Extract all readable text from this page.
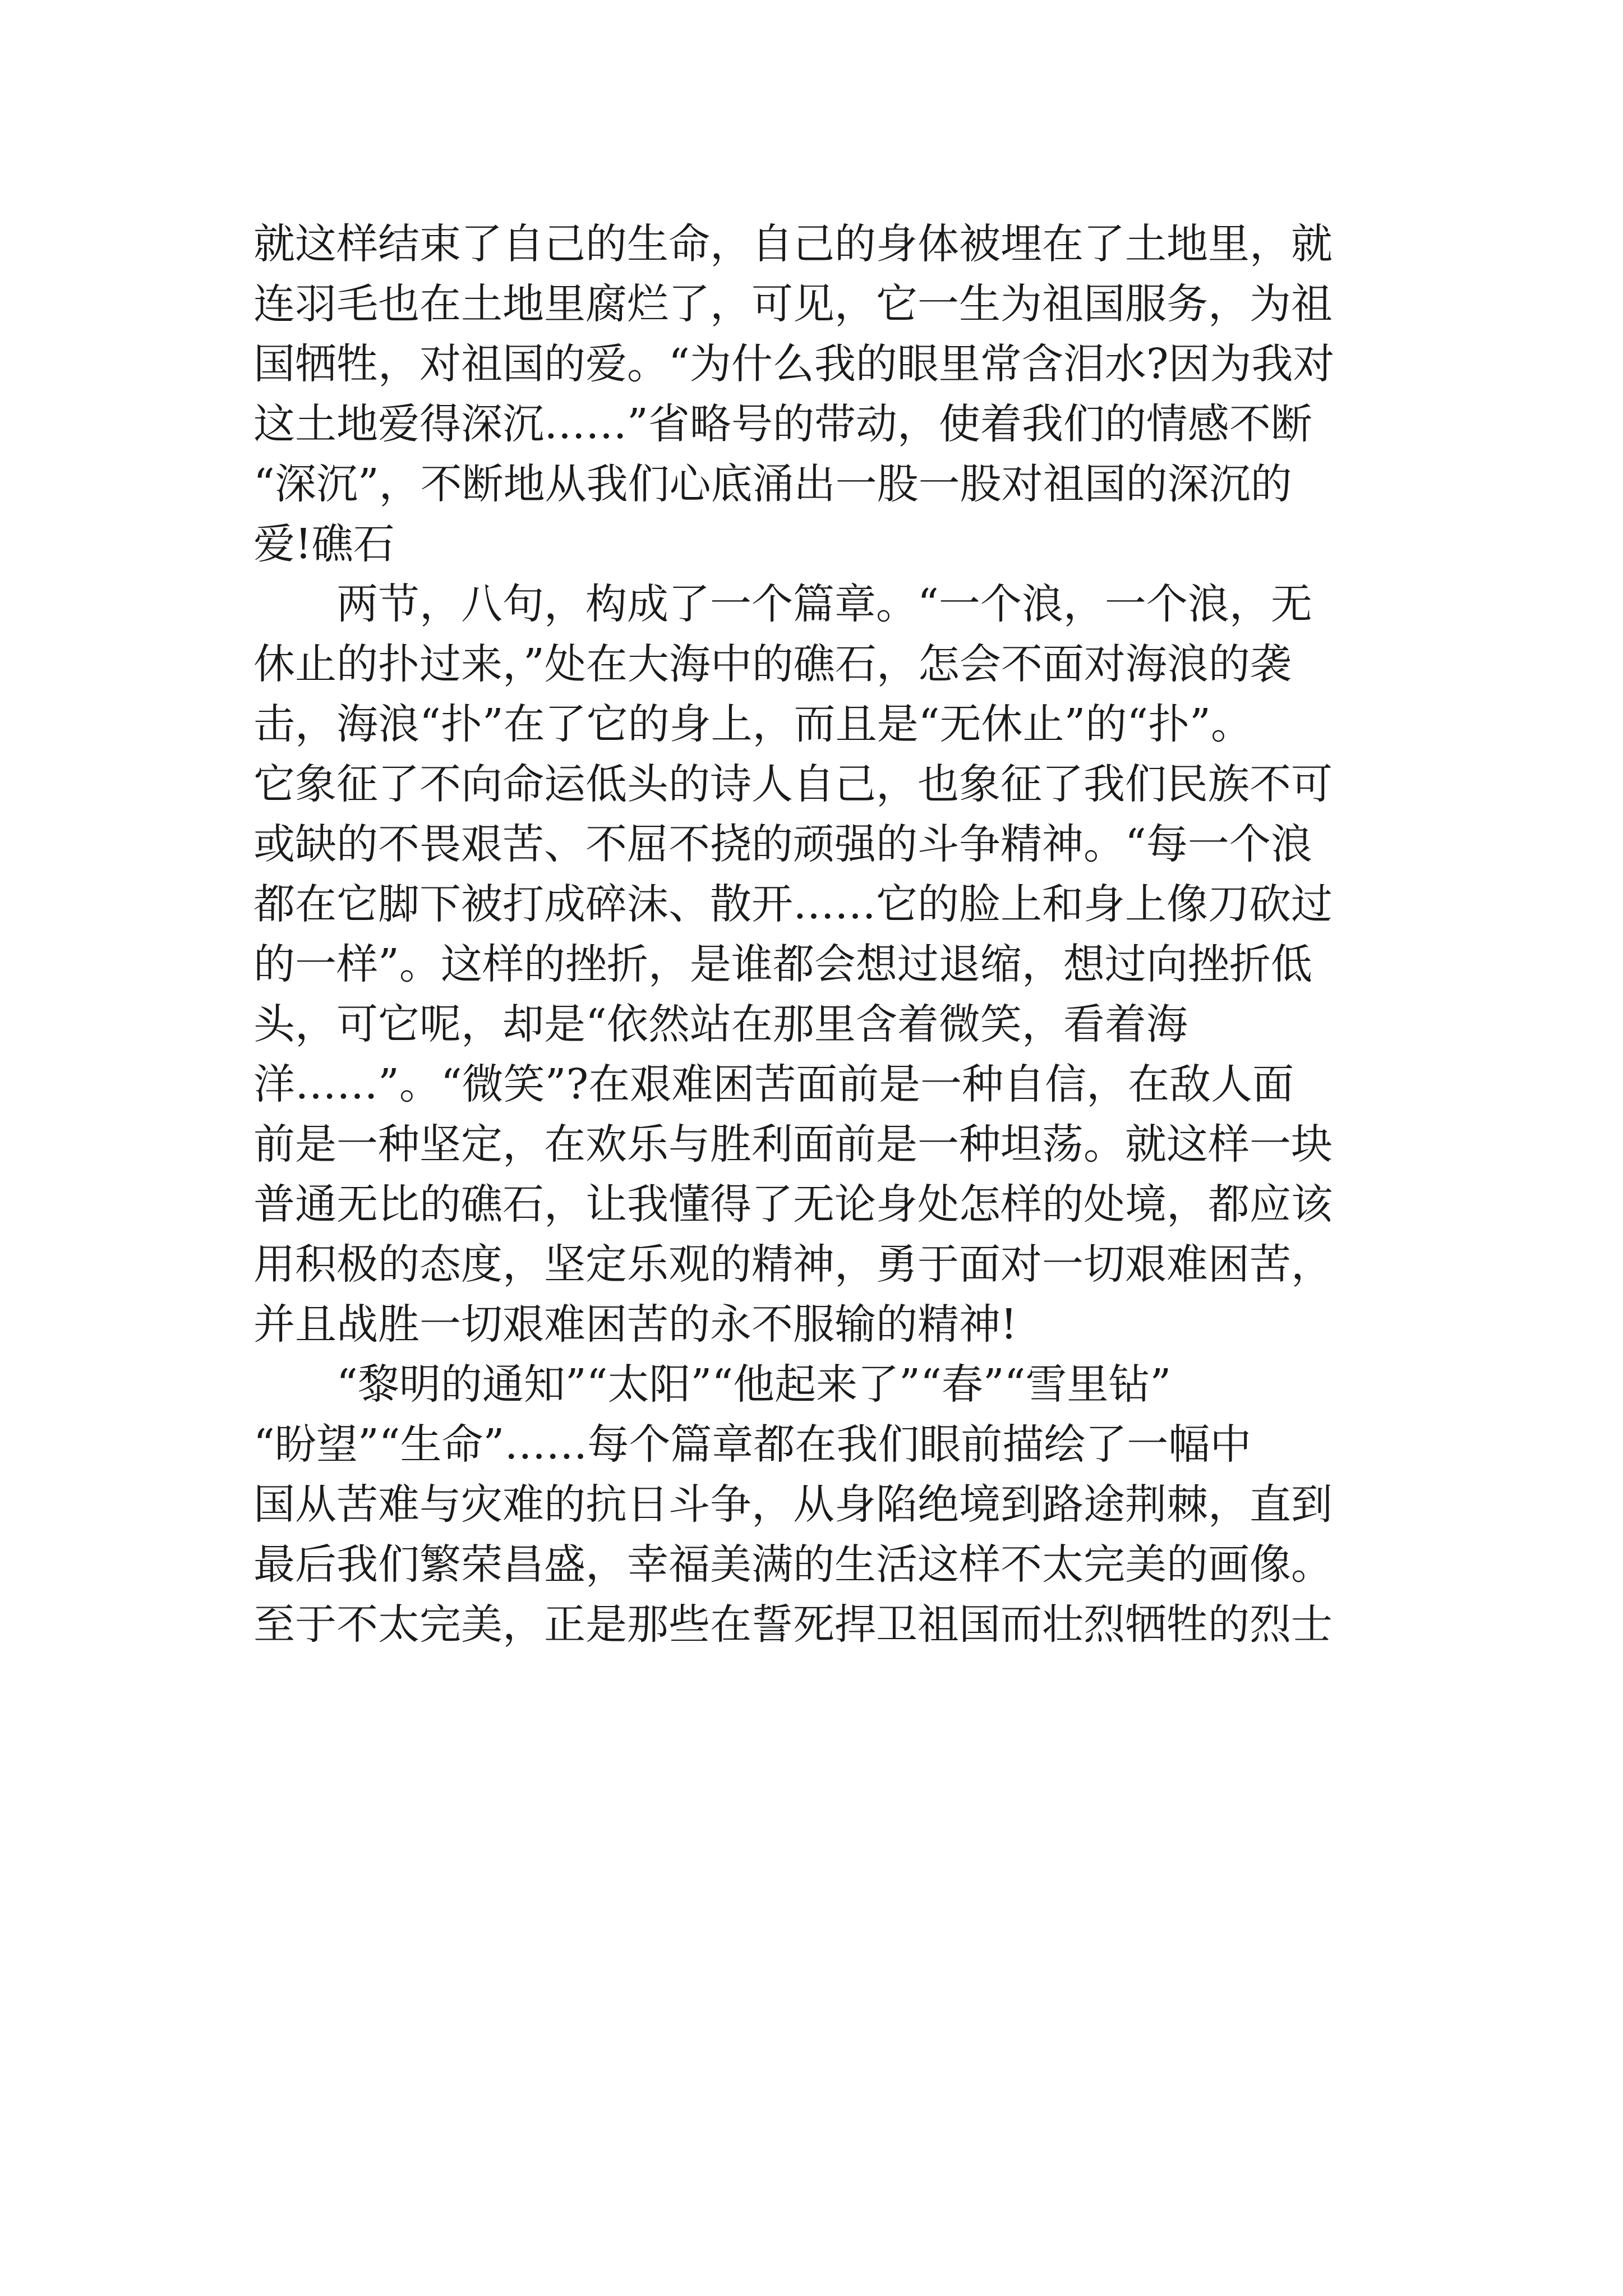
就这样结束了自己的生命，自己的身体被埋在了土地里，就
连羽毛也在土地里腐烂了，可见，它一生为祖国服务，为祖
国牺牲，对祖国的爱。“为什么我的眼里常含泪水?因为我对
这土地爱得深沉……”省略号的带动，使着我们的情感不断
“深沉”，不断地从我们心底涌出一股一股对祖国的深沉的
爱!礁石
　　两节，八句，构成了一个篇章。“一个浪，一个浪，无
休止的扑过来，”处在大海中的礁石，怎会不面对海浪的袭
击，海浪“扑”在了它的身上，而且是“无休止”的“扑”。
它象征了不向命运低头的诗人自己，也象征了我们民族不可
或缺的不畏艰苦、不屈不挠的顽强的斗争精神。“每一个浪
都在它脚下被打成碎沫、散开……它的脸上和身上像刀砍过
的一样”。这样的挫折，是谁都会想过退缩，想过向挫折低
头，可它呢，却是“依然站在那里含着微笑，看着海
洋……”。“微笑”?在艰难困苦面前是一种自信，在敌人面
前是一种坚定，在欢乐与胜利面前是一种坦荡。就这样一块
普通无比的礁石，让我懂得了无论身处怎样的处境，都应该
用积极的态度，坚定乐观的精神，勇于面对一切艰难困苦，
并且战胜一切艰难困苦的永不服输的精神!
　　“黎明的通知”“太阳”“他起来了”“春”“雪里钻”
“盼望”“生命”……每个篇章都在我们眼前描绘了一幅中
国从苦难与灾难的抗日斗争，从身陷绝境到路途荆棘，直到
最后我们繁荣昌盛，幸福美满的生活这样不太完美的画像。
至于不太完美，正是那些在誓死捍卫祖国而壮烈牺牲的烈士
